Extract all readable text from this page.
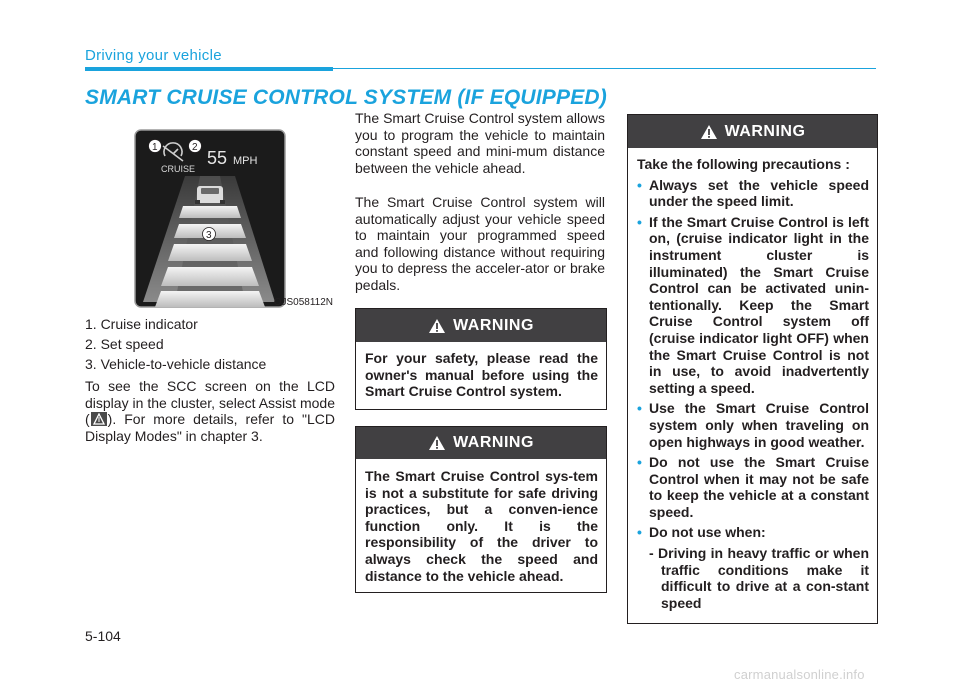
Driving your vehicle
SMART CRUISE CONTROL SYSTEM (IF EQUIPPED)
CRUISE
55 MPH
1	2
3
OJS058112N
1. Cruise indicator
2. Set speed
3. Vehicle-to-vehicle distance
To see the SCC screen on the LCD display in the cluster, select Assist mode ( ). For more details, refer to "LCD Display Modes" in chapter 3.
The Smart Cruise Control system allows you to program the vehicle to maintain constant speed and mini-mum distance between the vehicle ahead.
The Smart Cruise Control system will automatically adjust your vehicle speed to maintain your programmed speed and following distance without requiring you to depress the acceler-ator or brake pedals.
WARNING
For your safety, please read the owner's manual before using the Smart Cruise Control system.
WARNING
The Smart Cruise Control sys-tem is not a substitute for safe driving practices, but a conven-ience function only. It is the responsibility of the driver to always check the speed and distance to the vehicle ahead.
WARNING
Take the following precautions :
• Always set the vehicle speed under the speed limit.
• If the Smart Cruise Control is left on, (cruise indicator light in the instrument cluster is illuminated) the Smart Cruise Control can be activated unin-tentionally. Keep the Smart Cruise Control system off (cruise indicator light OFF) when the Smart Cruise Control is not in use, to avoid inadvertently setting a speed.
• Use the Smart Cruise Control system only when traveling on open highways in good weather.
• Do not use the Smart Cruise Control when it may not be safe to keep the vehicle at a constant speed.
• Do not use when:
- Driving in heavy traffic or when traffic conditions make it difficult to drive at a con-stant speed
5-104
carmanualsonline.info
